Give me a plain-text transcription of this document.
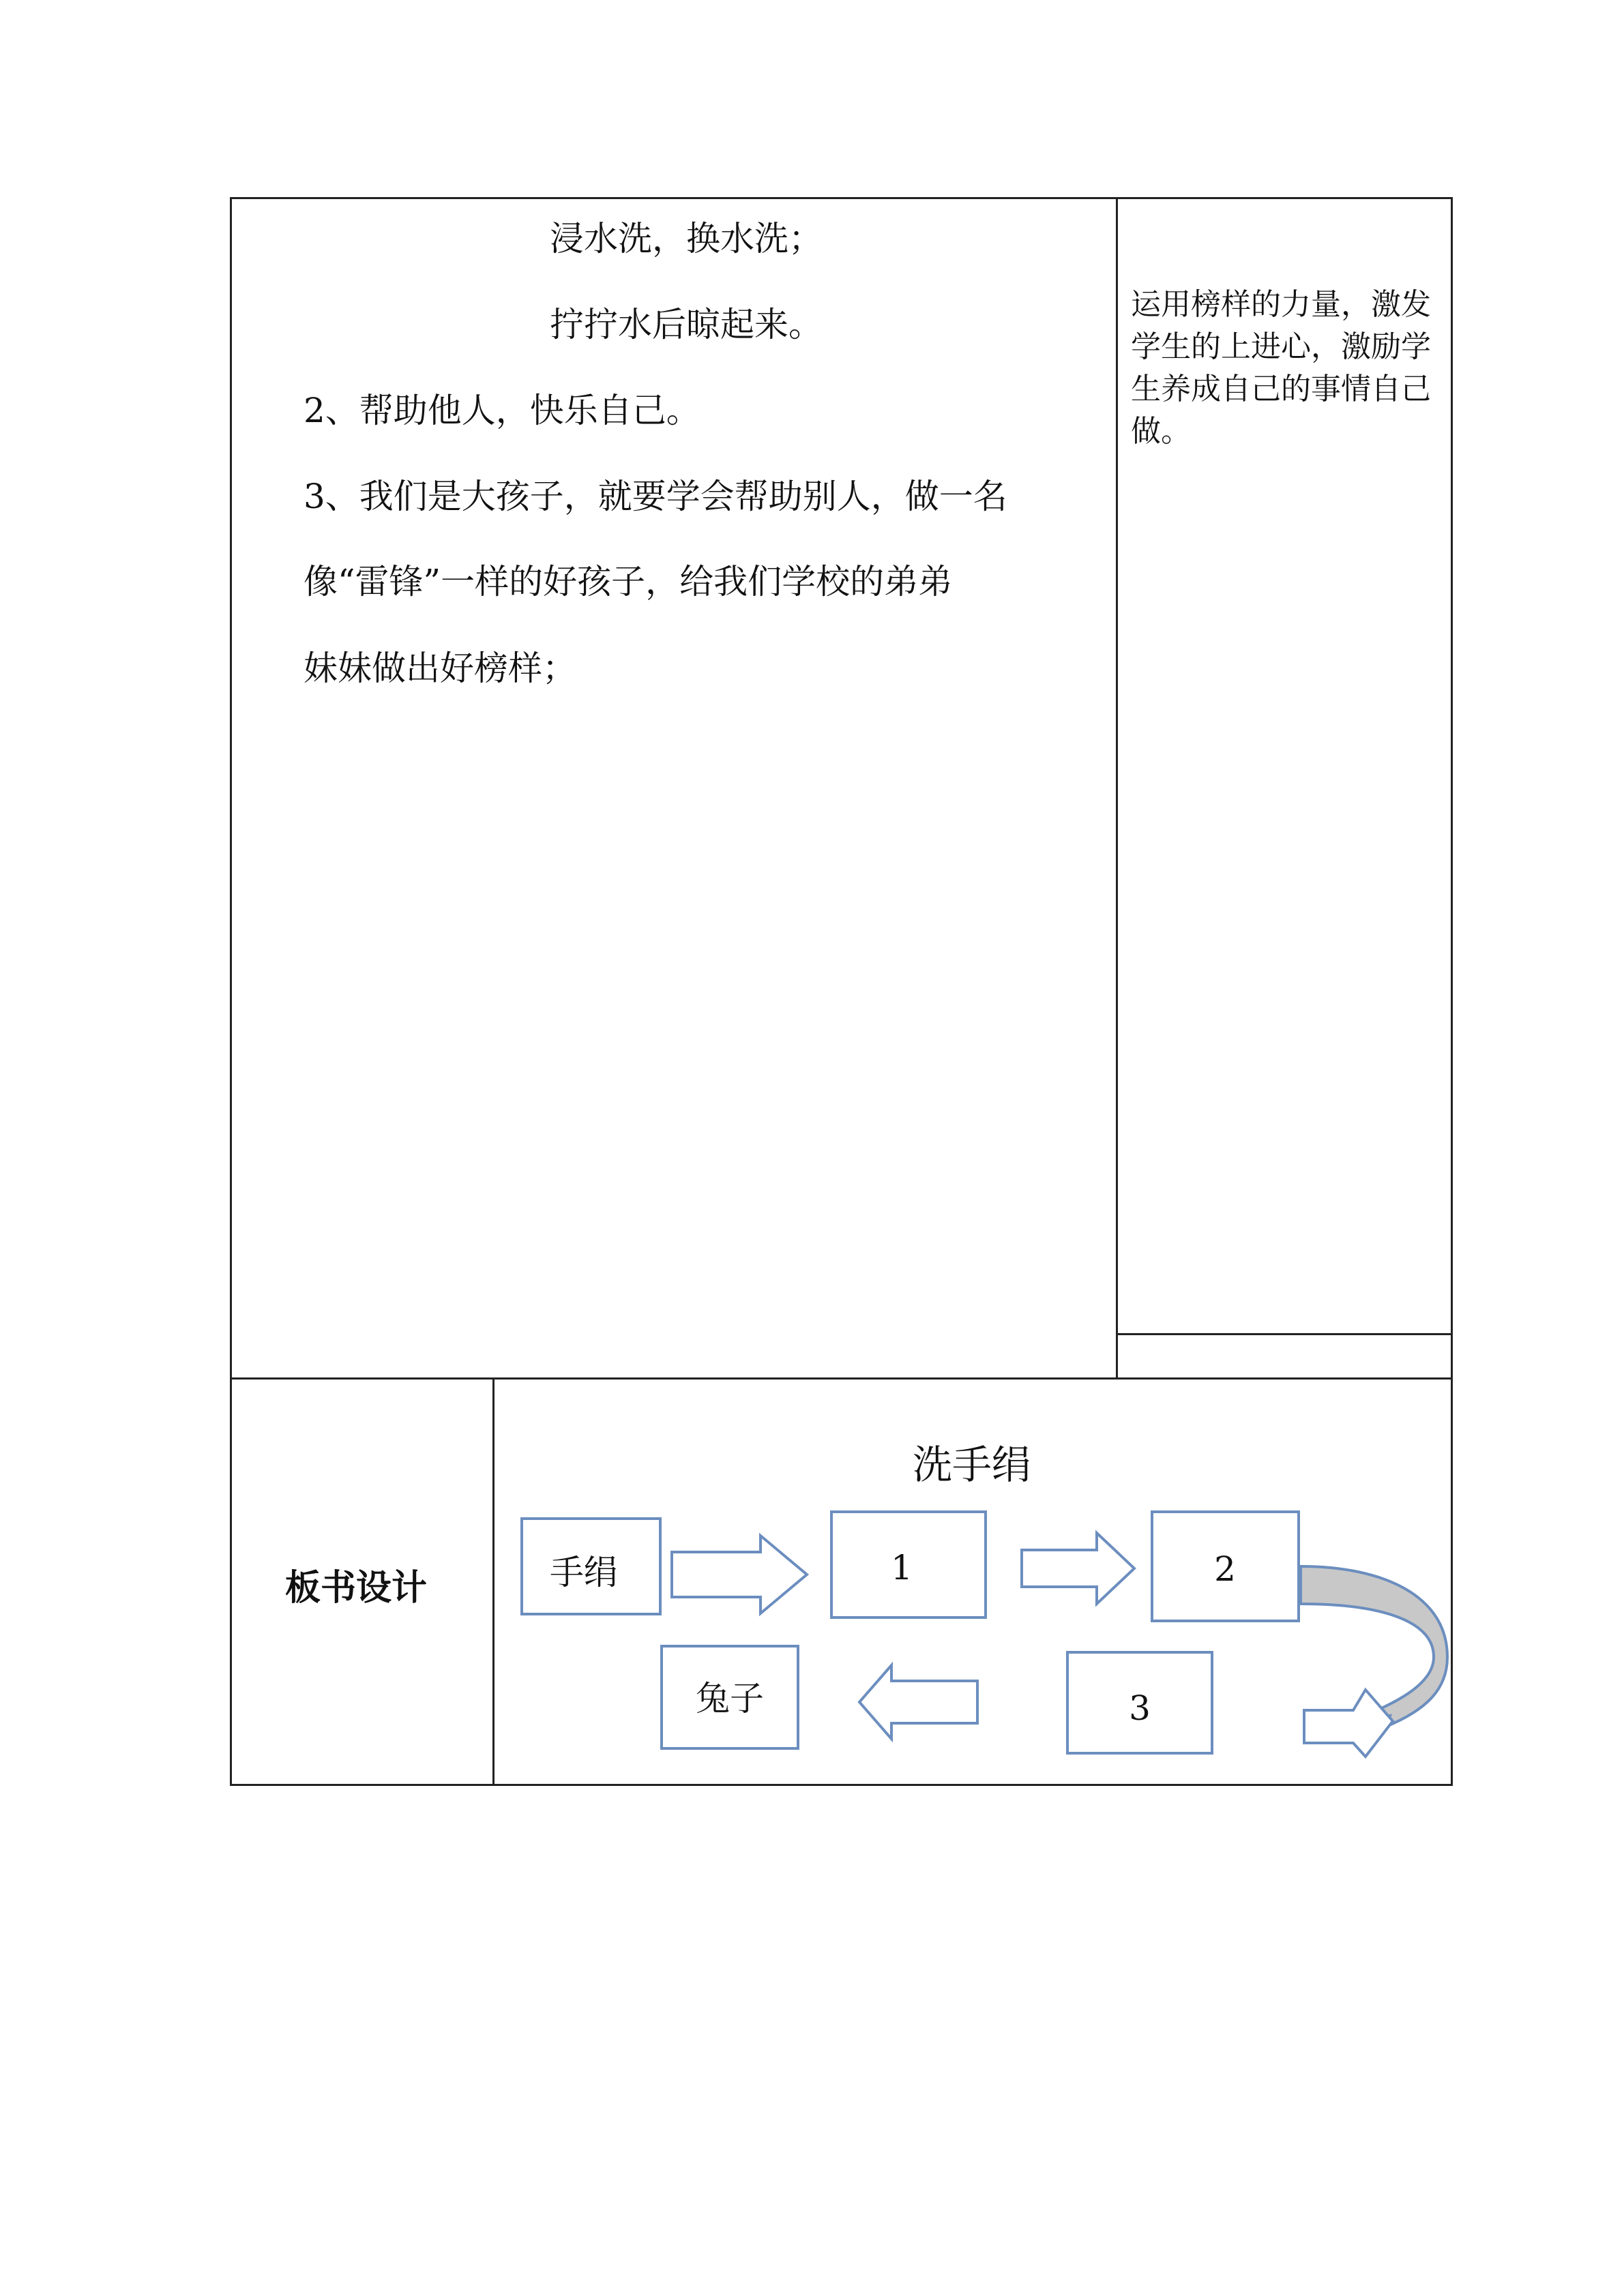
浸水洗，换水洗；
拧拧水后晾起来。
2、帮助他人，快乐自己。
3、我们是大孩子，就要学会帮助别人，做一名
像“雷锋”一样的好孩子，给我们学校的弟弟
妹妹做出好榜样；
运用榜样的力量，激发学生的上进心，激励学生养成自己的事情自己做。
板书设计
洗手绢
手绢	1	2
3
兔子
